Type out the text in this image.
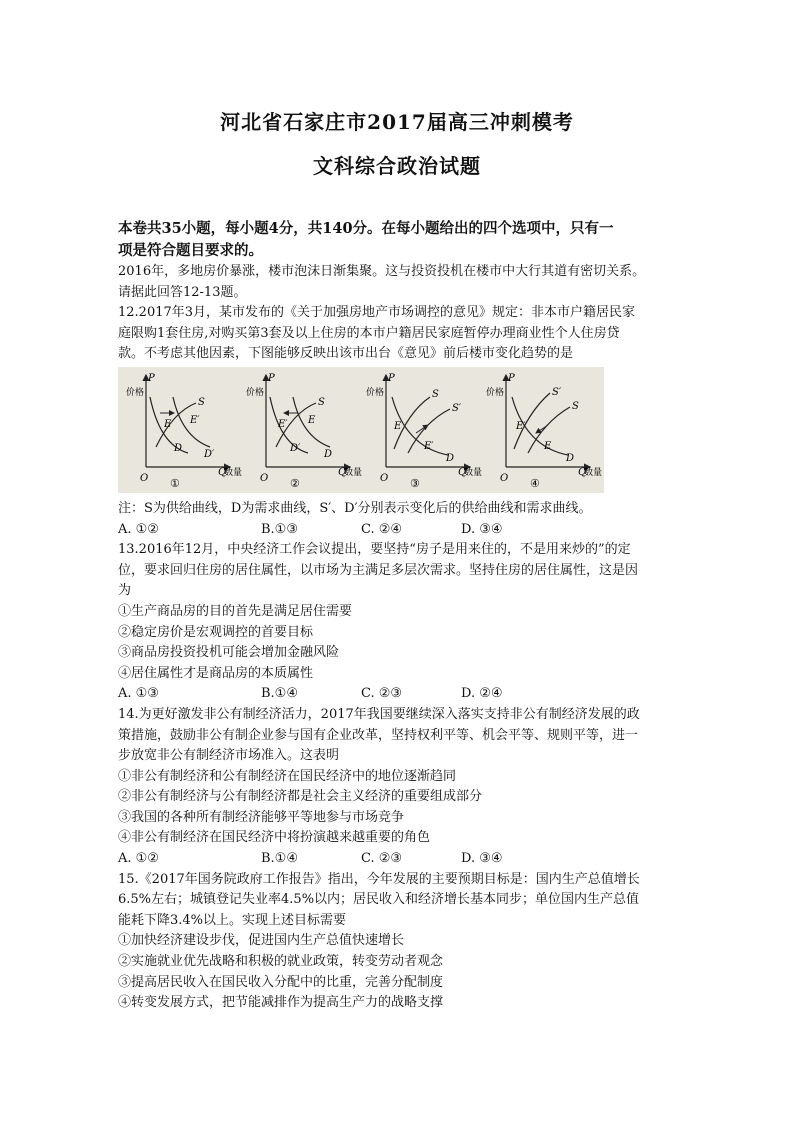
河北省石家庄市2017届高三冲刺模考
文科综合政治试题

本卷共35小题，每小题4分，共140分。在每小题给出的四个选项中，只有一

项是符合题目要求的。

2016年，多地房价暴涨，楼市泡沫日渐集聚。这与投资投机在楼市中大行其道有密切关系。

请据此回答12-13题。

12.2017年3月，某市发布的《关于加强房地产市场调控的意见》规定：非本市户籍居民家

庭限购1套住房,对购买第3套及以上住房的本市户籍居民家庭暂停办理商业性个人住房贷

款。不考虑其他因素，下图能够反映出该市出台《意见》前后楼市变化趋势的是

P
价格
O
Q
数量
S
E E′
D
D′
①
P
价格
O
Q
数量
S
E′ E
D′
D
②
P
价格
O
Q
数量
S
S′
E
E′
D
③
P
价格
O
Q
数量
S′
S
E′
E
D
④

注：S为供给曲线，D为需求曲线，S′、D′分别表示变化后的供给曲线和需求曲线。

A. ①②	B.①③	C. ②④	D. ③④

13.2016年12月，中央经济工作会议提出，要坚持“房子是用来住的，不是用来炒的”的定

位，要求回归住房的居住属性，以市场为主满足多层次需求。坚持住房的居住属性，这是因

为

①生产商品房的目的首先是满足居住需要

②稳定房价是宏观调控的首要目标

③商品房投资投机可能会增加金融风险

④居住属性才是商品房的本质属性

A. ①③	B.①④	C. ②③	D. ②④

14.为更好激发非公有制经济活力，2017年我国要继续深入落实支持非公有制经济发展的政

策措施，鼓励非公有制企业参与国有企业改革，坚持权利平等、机会平等、规则平等，进一

步放宽非公有制经济市场准入。这表明

①非公有制经济和公有制经济在国民经济中的地位逐渐趋同

②非公有制经济与公有制经济都是社会主义经济的重要组成部分

③我国的各种所有制经济能够平等地参与市场竞争

④非公有制经济在国民经济中将扮演越来越重要的角色

A. ①②	B.①④	C. ②③	D. ③④

15.《2017年国务院政府工作报告》指出，今年发展的主要预期目标是：国内生产总值增长

6.5%左右；城镇登记失业率4.5%以内；居民收入和经济增长基本同步；单位国内生产总值

能耗下降3.4%以上。实现上述目标需要

①加快经济建设步伐，促进国内生产总值快速增长

②实施就业优先战略和积极的就业政策，转变劳动者观念

③提高居民收入在国民收入分配中的比重，完善分配制度

④转变发展方式，把节能减排作为提高生产力的战略支撑
